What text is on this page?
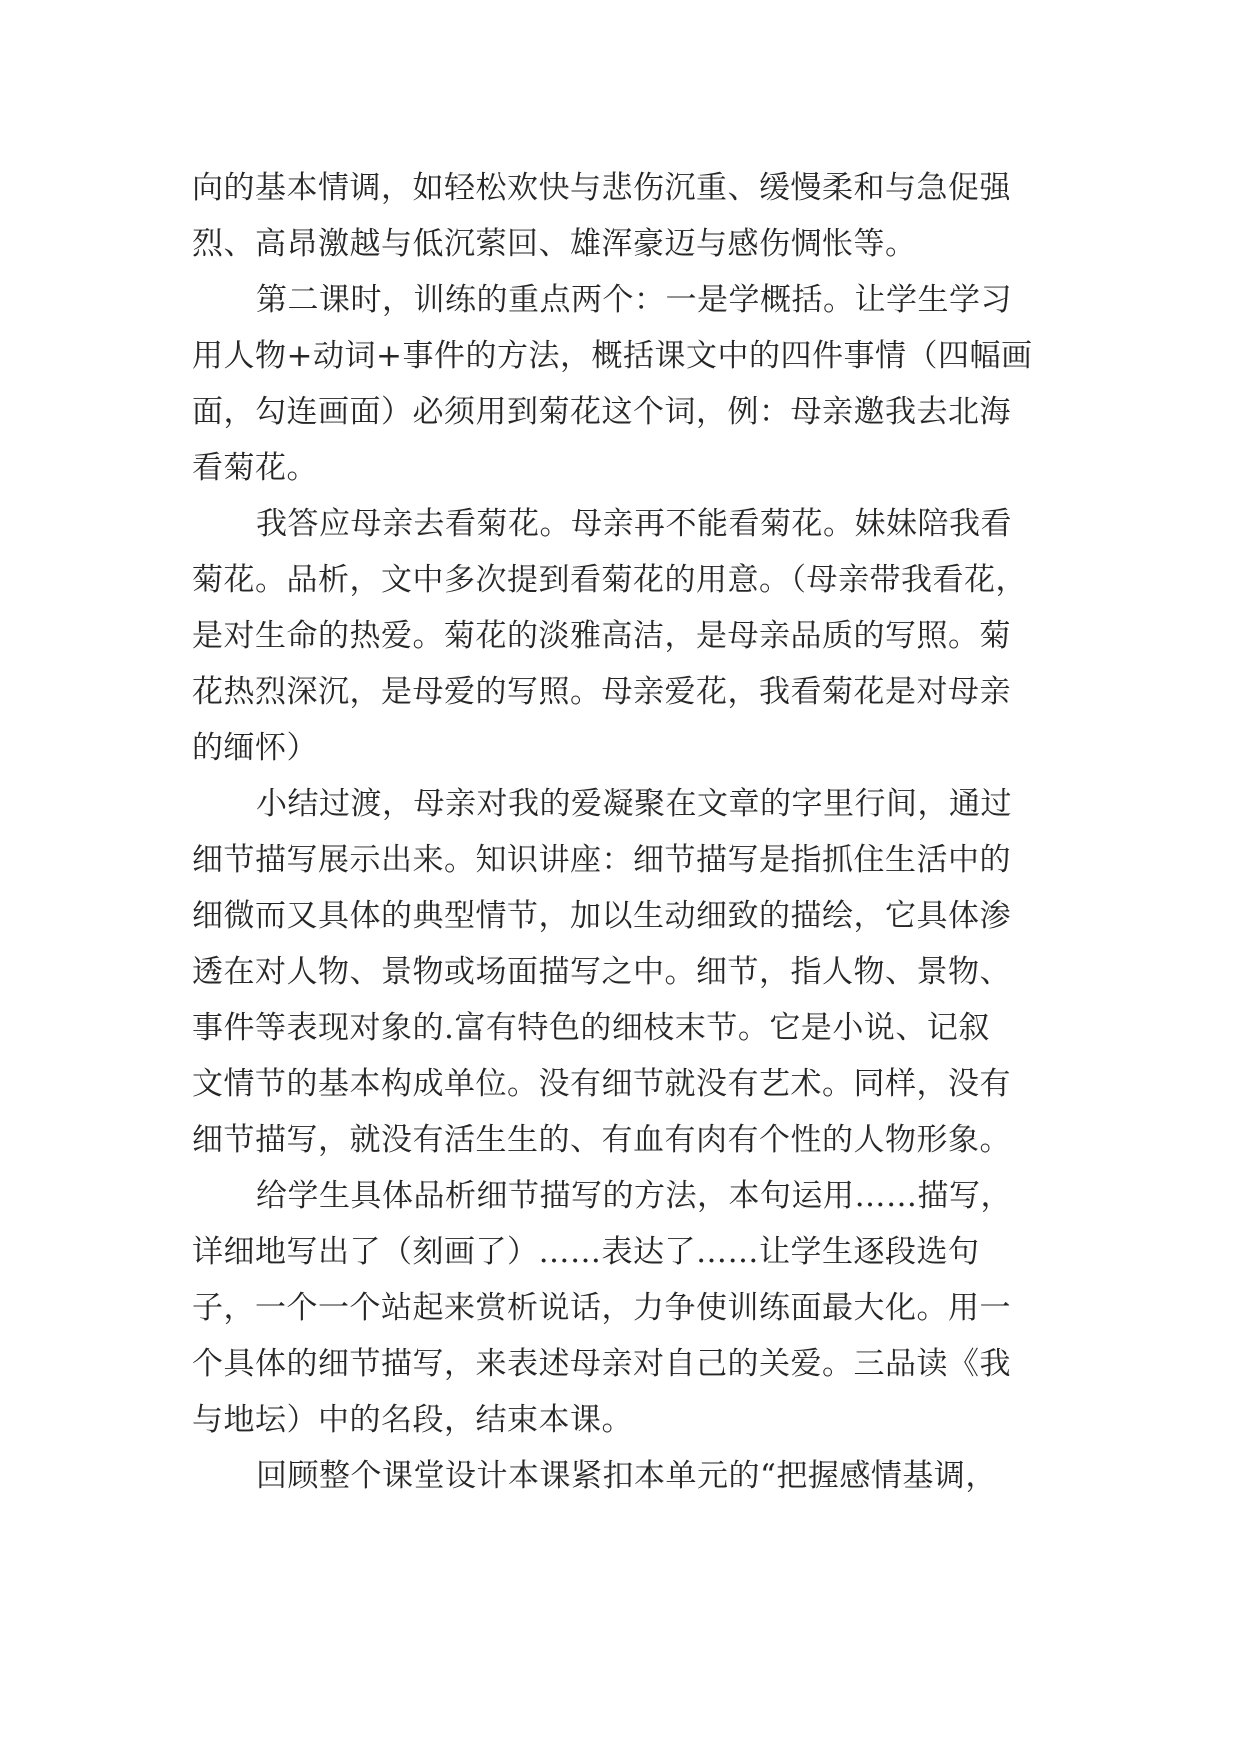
向的基本情调，如轻松欢快与悲伤沉重、缓慢柔和与急促强
烈、高昂激越与低沉萦回、雄浑豪迈与感伤惆怅等。
第二课时，训练的重点两个：一是学概括。让学生学习
用人物+动词+事件的方法，概括课文中的四件事情（四幅画
面，勾连画面）必须用到菊花这个词，例：母亲邀我去北海
看菊花。
我答应母亲去看菊花。母亲再不能看菊花。妹妹陪我看
菊花。品析，文中多次提到看菊花的用意。（母亲带我看花，
是对生命的热爱。菊花的淡雅高洁，是母亲品质的写照。菊
花热烈深沉，是母爱的写照。母亲爱花，我看菊花是对母亲
的缅怀）
小结过渡，母亲对我的爱凝聚在文章的字里行间，通过
细节描写展示出来。知识讲座：细节描写是指抓住生活中的
细微而又具体的典型情节，加以生动细致的描绘，它具体渗
透在对人物、景物或场面描写之中。细节，指人物、景物、
事件等表现对象的.富有特色的细枝末节。它是小说、记叙
文情节的基本构成单位。没有细节就没有艺术。同样，没有
细节描写，就没有活生生的、有血有肉有个性的人物形象。
给学生具体品析细节描写的方法，本句运用……描写，
详细地写出了（刻画了）……表达了……让学生逐段选句
子，一个一个站起来赏析说话，力争使训练面最大化。用一
个具体的细节描写，来表述母亲对自己的关爱。三品读《我
与地坛）中的名段，结束本课。
回顾整个课堂设计本课紧扣本单元的“把握感情基调，
